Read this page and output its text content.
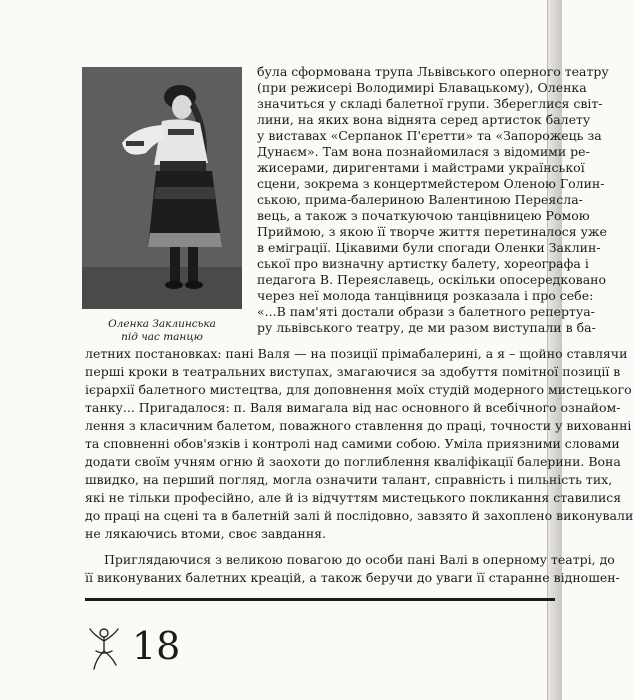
Оленка Заклинська
під час танцю
була сформована трупа Львівського оперного театру
(при режисері Володимирі Блавацькому), Оленка
значиться у складі балетної групи. Збереглися світ-
лини, на яких вона віднята серед артисток балету
у виставах «Серпанок П'єретти» та «Запорожець за
Дунаєм». Там вона познайомилася з відомими ре-
жисерами, диригентами і майстрами української
сцени, зокрема з концертмейстером Оленою Голин-
ською, прима-балериною Валентиною Переясла-
вець, а також з початкуючою танцівницею Ромою
Приймою, з якою її творче життя перетиналося уже
в еміграції. Цікавими були спогади Оленки Заклин-
ської про визначну артистку балету, хореографа і
педагога В. Переяславець, оскільки опосередковано
через неї молода танцівниця розказала і про себе:
«...В пам'яті достали образи з балетного репертуа-
ру львівського театру, де ми разом виступали в ба-
летних постановках: пані Валя — на позиції прімабалерині, а я – щойно ставлячи
перші кроки в театральних виступах, змагаючися за здобуття помітної позиції в
ієрархії балетного мистецтва, для доповнення моїх студій модерного мистецького
танку... Пригадалося: п. Валя вимагала від нас основного й всебічного ознайом-
лення з класичним балетом, поважного ставлення до праці, точности у вихованні
та сповненні обов'язків і контролі над самими собою. Уміла приязними словами
додати своїм учням огню й заохоти до поглиблення кваліфікації балерини. Вона
швидко, на перший погляд, могла означити талант, справність і пильність тих,
які не тільки професійно, але й із відчуттям мистецького покликання ставилися
до праці на сцені та в балетній залі й послідовно, завзято й захоплено виконували
не лякаючись втоми, своє завдання.
Приглядаючися з великою повагою до особи пані Валі в оперному театрі, до
її виконуваних балетних креацій, а також беручи до уваги її старанне відношен-
18
